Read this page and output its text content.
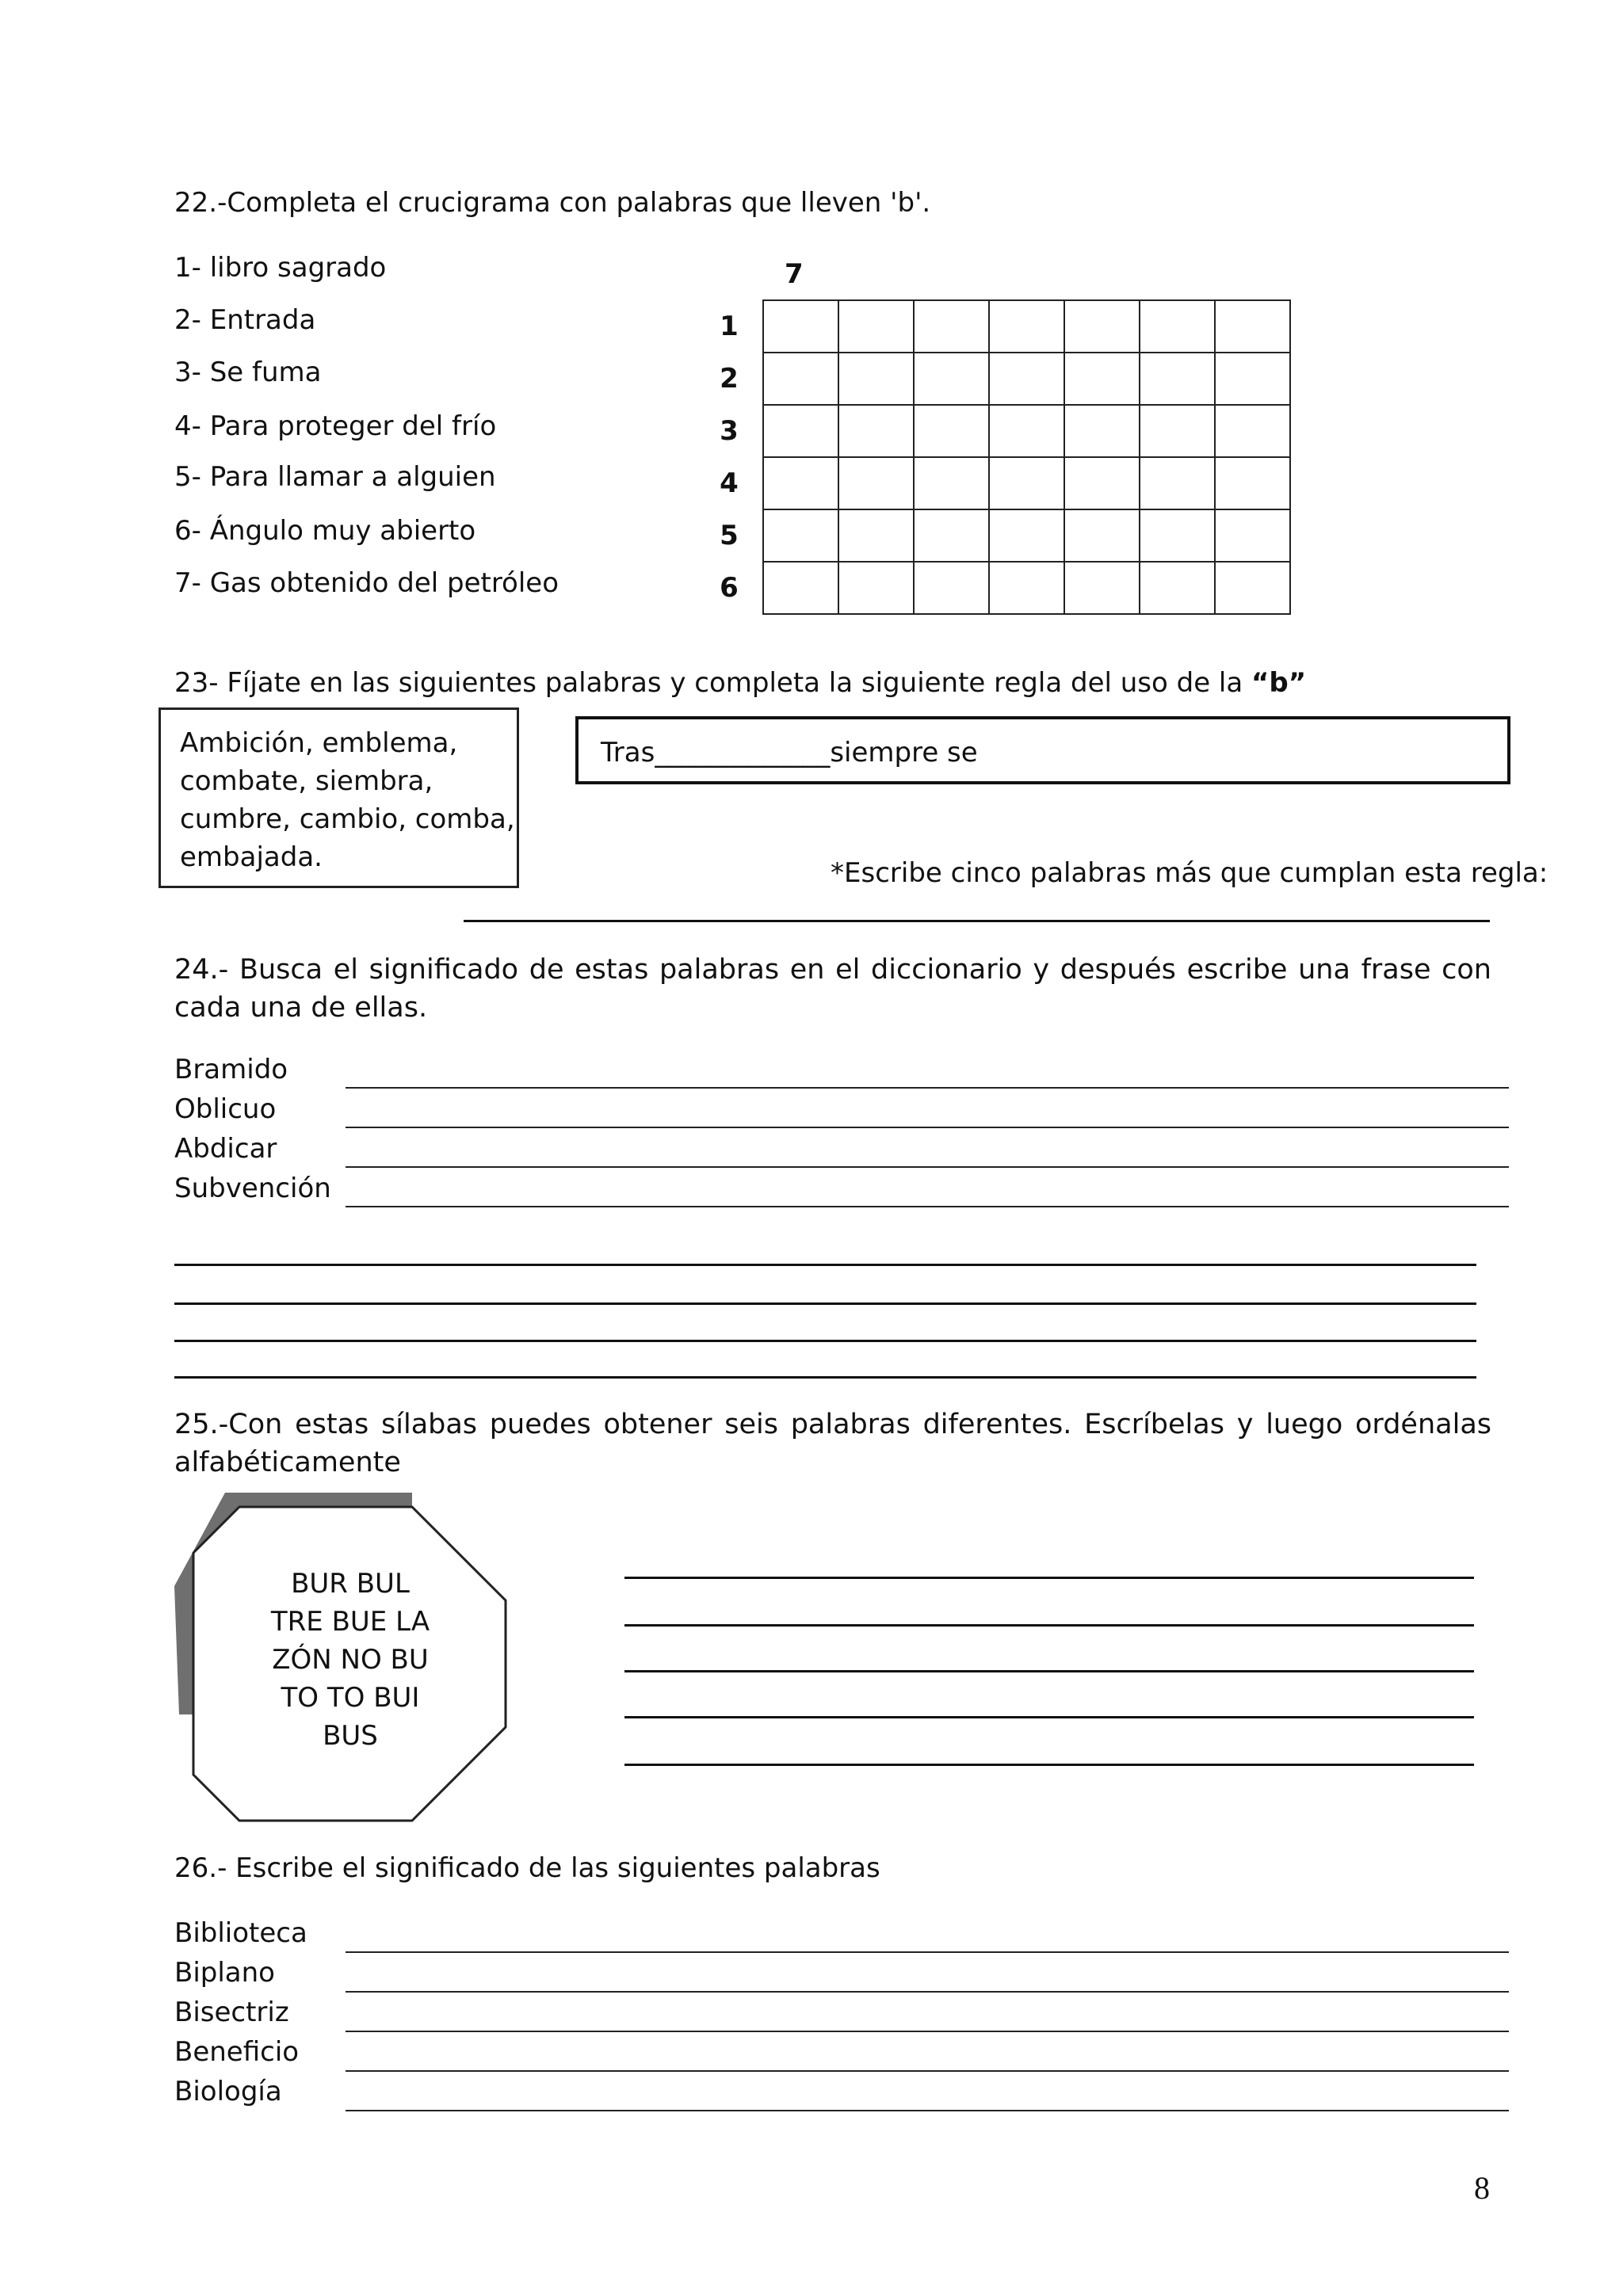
22.-Completa el crucigrama con palabras que lleven 'b'.
1- libro sagrado
2- Entrada
3- Se fuma
4- Para proteger del frío
5- Para llamar a alguien
6- Ángulo muy abierto
7- Gas obtenido del petróleo
7
1
2
3
4
5
6
23- Fíjate en las siguientes palabras y completa la siguiente regla del uso de la “b”
Ambición, emblema,
combate, siembra,
cumbre, cambio, comba,
embajada.
Tras_____________siempre se
*Escribe cinco palabras más que cumplan esta regla:
24.- Busca el significado de estas palabras en el diccionario y después escribe una frase con cada una de ellas.
Bramido
Oblicuo
Abdicar
Subvención
25.-Con estas sílabas puedes obtener seis palabras diferentes. Escríbelas y luego ordénalas alfabéticamente
BUR BUL
TRE BUE LA
ZÓN NO BU
TO TO BUI
BUS
26.- Escribe el significado de las siguientes palabras
Biblioteca
Biplano
Bisectriz
Beneficio
Biología
8
